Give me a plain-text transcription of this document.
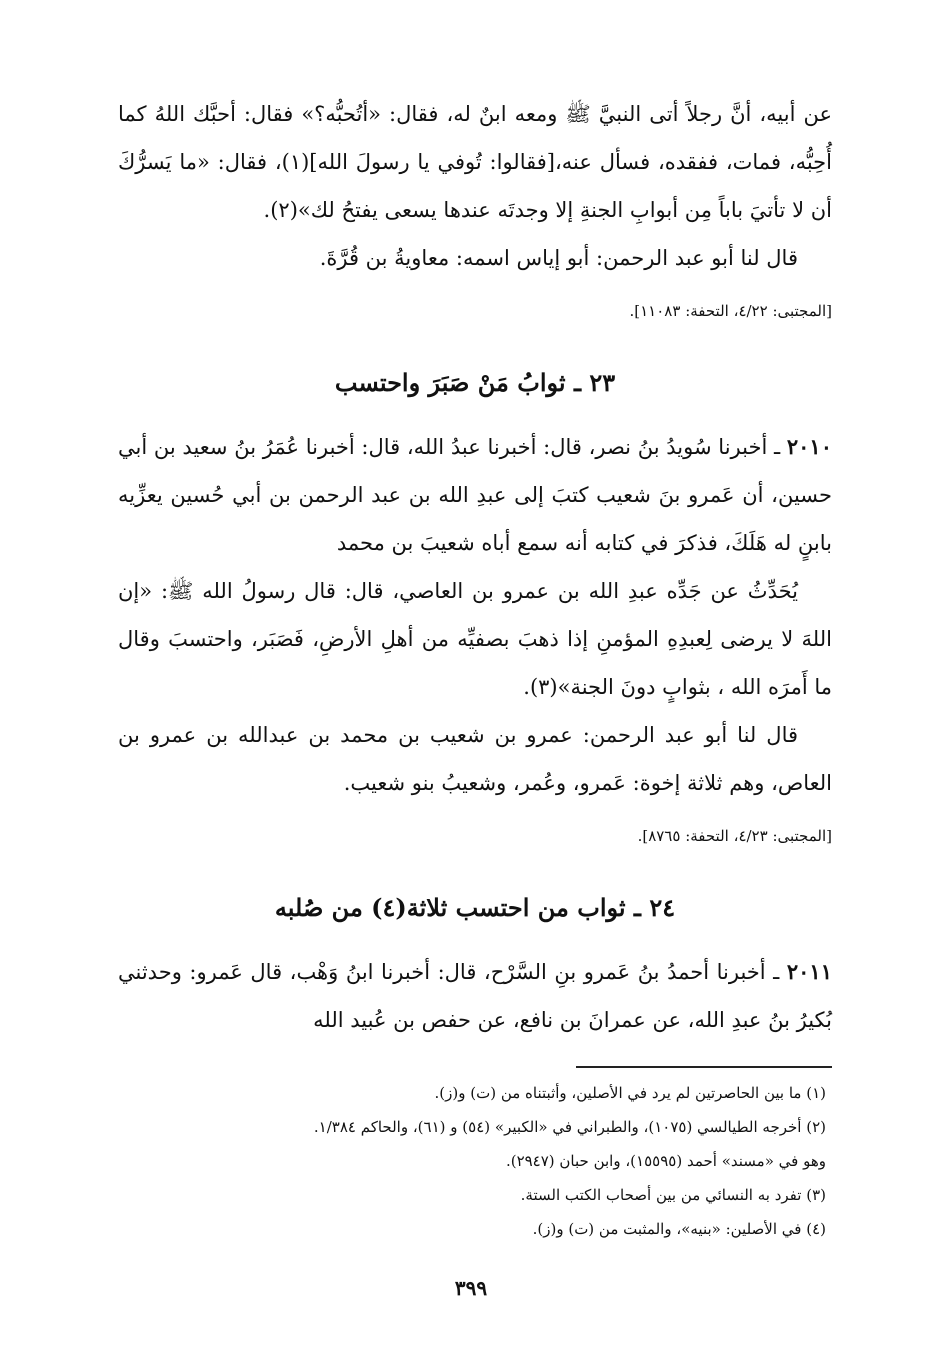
عن أبيه، أنَّ رجلاً أتى النبيَّ ﷺ ومعه ابنٌ له، فقال: «أتُحبُّه؟» فقال: أحبَّك اللهُ كما أُحِبُّه، فمات، ففقده، فسأل عنه،[فقالوا: تُوفي يا رسولَ الله](١)، فقال: «ما يَسرُّكَ أن لا تأتيَ باباً مِن أبوابِ الجنةِ إلا وجدتَه عندها يسعى يفتحُ لك»(٢).

قال لنا أبو عبد الرحمن: أبو إياس اسمه: معاويةُ بن قُرَّةَ.

[المجتبى: ٤/٢٢، التحفة: ١١٠٨٣].

٢٣ ـ ثوابُ مَنْ صَبَرَ واحتسب

٢٠١٠ ـ أخبرنا سُويدُ بنُ نصر، قال: أخبرنا عبدُ الله، قال: أخبرنا عُمَرُ بنُ سعيد بن أبي حسين، أن عَمرو بنَ شعيب كتبَ إلى عبدِ الله بن عبد الرحمن بن أبي حُسين يعزِّيه بابنٍ له هَلَكَ، فذكرَ في كتابه أنه سمع أباه شعيبَ بن محمد

يُحَدِّثُ عن جَدِّه عبدِ الله بن عمرو بن العاصي، قال: قال رسولُ الله ﷺ: «إن اللهَ لا يرضى لِعبدِهِ المؤمنِ إذا ذهبَ بصفيِّه من أهلِ الأرضِ، فَصَبَر، واحتسبَ وقال ما أَمرَه الله ، بثوابٍ دونَ الجنة»(٣).

قال لنا أبو عبد الرحمن: عمرو بن شعيب بن محمد بن عبدالله بن عمرو بن العاص، وهم ثلاثة إخوة: عَمرو، وعُمر، وشعيبُ بنو شعيب.

[المجتبى: ٤/٢٣، التحفة: ٨٧٦٥].

٢٤ ـ ثواب من احتسب ثلاثة(٤) من صُلبه

٢٠١١ ـ أخبرنا أحمدُ بنُ عَمرو بنِ السَّرْح، قال: أخبرنا ابنُ وَهْب، قال عَمرو: وحدثني بُكيرُ بنُ عبدِ الله، عن عمرانَ بن نافع، عن حفص بن عُبيد الله

(١) ما بين الحاصرتين لم يرد في الأصلين، وأثبتناه من (ت) و(ز).

(٢) أخرجه الطيالسي (١٠٧٥)، والطبراني في «الكبير» (٥٤) و (٦١)، والحاكم ١/٣٨٤.

وهو في «مسند» أحمد (١٥٥٩٥)، وابن حبان (٢٩٤٧).

(٣) تفرد به النسائي من بين أصحاب الكتب الستة.

(٤) في الأصلين: «بنيه»، والمثبت من (ت) و(ز).

٣٩٩
